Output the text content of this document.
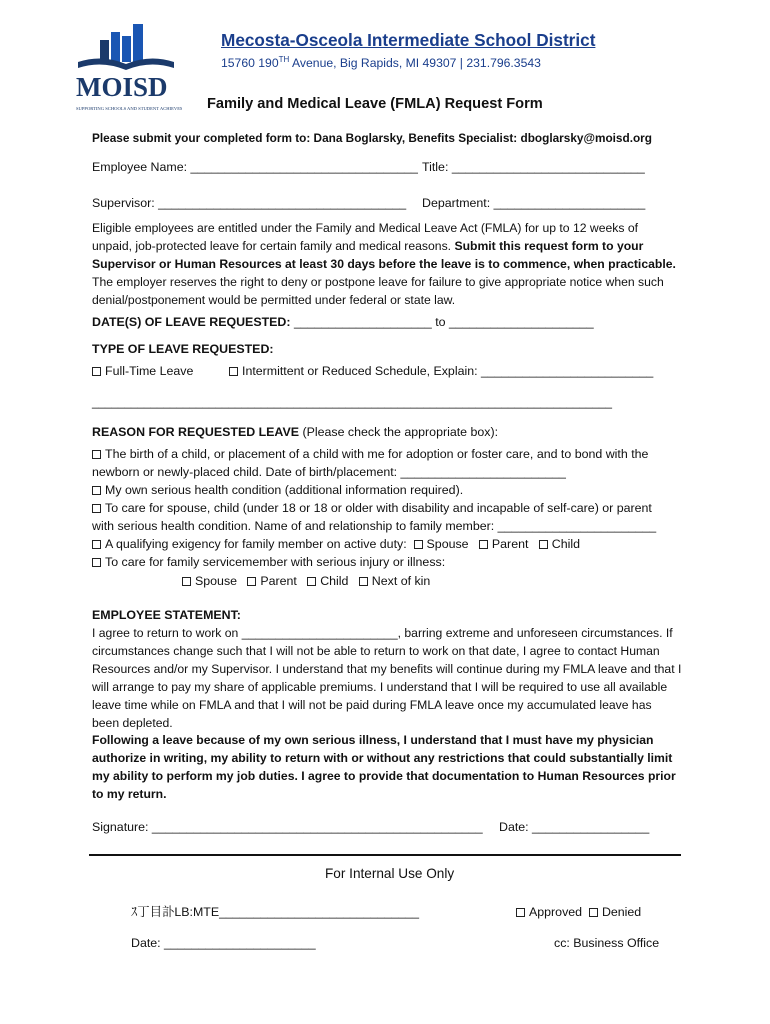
MOISD
SUPPORTING SCHOOLS AND STUDENT ACHIEVEMENT
Mecosta-Osceola Intermediate School District
15760 190TH Avenue, Big Rapids, MI 49307 | 231.796.3543
Family and Medical Leave (FMLA) Request Form
Please submit your completed form to: Dana Boglarsky, Benefits Specialist: dboglarsky@moisd.org
Employee Name: _________________________________ Title: ____________________________
Supervisor: ____________________________________ Department: ______________________
Eligible employees are entitled under the Family and Medical Leave Act (FMLA) for up to 12 weeks of unpaid, job-protected leave for certain family and medical reasons. Submit this request form to your Supervisor or Human Resources at least 30 days before the leave is to commence, when practicable. The employer reserves the right to deny or postpone leave for failure to give appropriate notice when such denial/postponement would be permitted under federal or state law.
DATE(S) OF LEAVE REQUESTED: ____________________ to _____________________
TYPE OF LEAVE REQUESTED:
Full-Time Leave	Intermittent or Reduced Schedule, Explain: _________________________
________________________________________________________________________________
REASON FOR REQUESTED LEAVE (Please check the appropriate box):
The birth of a child, or placement of a child with me for adoption or foster care, and to bond with the
newborn or newly-placed child. Date of birth/placement: ________________________
My own serious health condition (additional information required).
To care for spouse, child (under 18 or 18 or older with disability and incapable of self-care) or parent
with serious health condition. Name of and relationship to family member: _______________________
A qualifying exigency for family member on active duty: Spouse Parent Child
To care for family servicemember with serious injury or illness:
Spouse Parent Child Next of kin
EMPLOYEE STATEMENT:
I agree to return to work on _______________________, barring extreme and unforeseen circumstances. If circumstances change such that I will not be able to return to work on that date, I agree to contact Human Resources and/or my Supervisor. I understand that my benefits will continue during my FMLA leave and that I will arrange to pay my share of applicable premiums. I understand that I will be required to use all available leave time while on FMLA and that I will not be paid during FMLA leave once my accumulated leave has been depleted.
Following a leave because of my own serious illness, I understand that I must have my physician authorize in writing, my ability to return with or without any restrictions that could substantially limit my ability to perform my job duties. I agree to provide that documentation to Human Resources prior to my return.
Signature: ________________________________________________ Date: _________________
For Internal Use Only
ｽ丁目訃LB:MTE_____________________________	Approved Denied
Date: ______________________	cc: Business Office
